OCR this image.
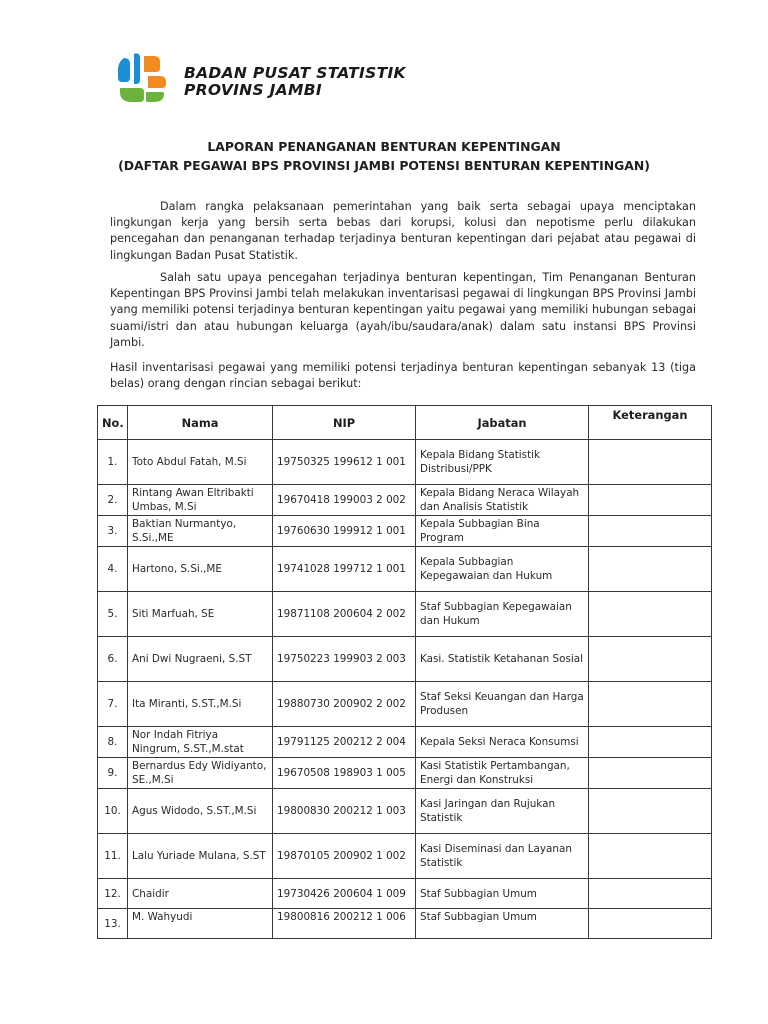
BADAN PUSAT STATISTIK
PROVINS JAMBI
LAPORAN PENANGANAN BENTURAN KEPENTINGAN
(DAFTAR PEGAWAI BPS PROVINSI JAMBI POTENSI BENTURAN KEPENTINGAN)
Dalam rangka pelaksanaan pemerintahan yang baik serta sebagai upaya menciptakan lingkungan kerja yang bersih serta bebas dari korupsi, kolusi dan nepotisme perlu dilakukan pencegahan dan penanganan terhadap terjadinya benturan kepentingan dari pejabat atau pegawai di lingkungan Badan Pusat Statistik.
Salah satu upaya pencegahan terjadinya benturan kepentingan, Tim Penanganan Benturan Kepentingan BPS Provinsi Jambi telah melakukan inventarisasi pegawai di lingkungan BPS Provinsi Jambi yang memiliki potensi terjadinya benturan kepentingan yaitu pegawai yang memiliki hubungan sebagai suami/istri dan atau hubungan keluarga (ayah/ibu/saudara/anak) dalam satu instansi BPS Provinsi Jambi.
Hasil inventarisasi pegawai yang memiliki potensi terjadinya benturan kepentingan sebanyak 13 (tiga belas) orang dengan rincian sebagai berikut:
No.	Nama	NIP	Jabatan	Keterangan
1.	Toto Abdul Fatah, M.Si	19750325 199612 1 001	Kepala Bidang Statistik Distribusi/PPK	
2.	Rintang Awan Eltribakti Umbas, M.Si	19670418 199003 2 002	Kepala Bidang Neraca Wilayah dan Analisis Statistik	
3.	Baktian Nurmantyo, S.Si.,ME	19760630 199912 1 001	Kepala Subbagian Bina Program	
4.	Hartono, S.Si.,ME	19741028 199712 1 001	Kepala Subbagian Kepegawaian dan Hukum	
5.	Siti Marfuah, SE	19871108 200604 2 002	Staf Subbagian Kepegawaian dan Hukum	
6.	Ani Dwi Nugraeni, S.ST	19750223 199903 2 003	Kasi. Statistik Ketahanan Sosial	
7.	Ita Miranti, S.ST.,M.Si	19880730 200902 2 002	Staf Seksi Keuangan dan Harga Produsen	
8.	Nor Indah Fitriya Ningrum, S.ST.,M.stat	19791125 200212 2 004	Kepala Seksi Neraca Konsumsi	
9.	Bernardus Edy Widiyanto, SE.,M.Si	19670508 198903 1 005	Kasi Statistik Pertambangan, Energi dan Konstruksi	
10.	Agus Widodo, S.ST.,M.Si	19800830 200212 1 003	Kasi Jaringan dan Rujukan Statistik	
11.	Lalu Yuriade Mulana, S.ST	19870105 200902 1 002	Kasi Diseminasi dan Layanan Statistik	
12.	Chaidir	19730426 200604 1 009	Staf Subbagian Umum	
13.	M. Wahyudi	19800816 200212 1 006	Staf Subbagian Umum	
